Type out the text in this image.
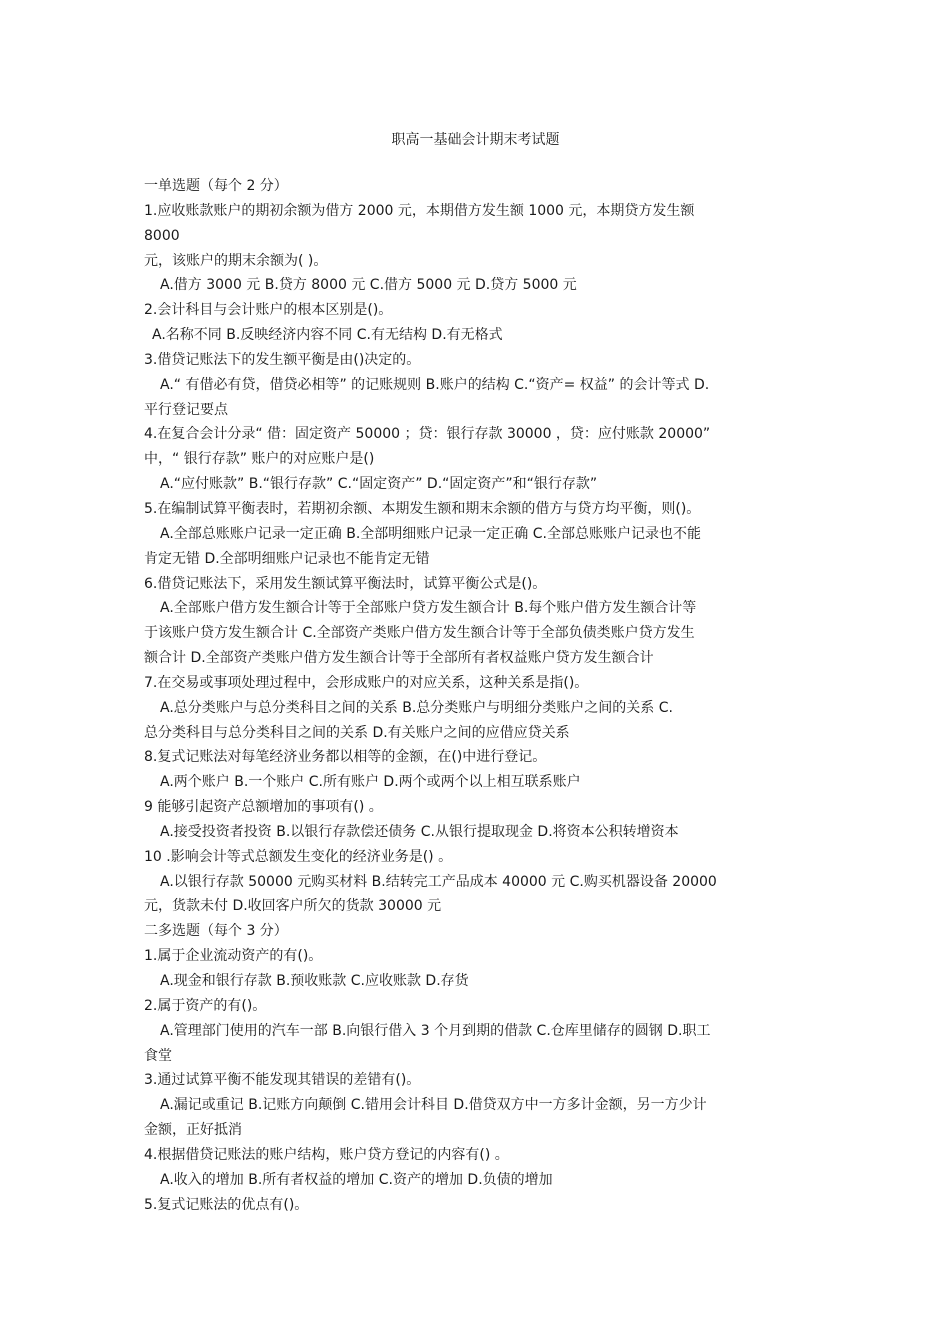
职高一基础会计期末考试题
一单选题（每个 2 分）
1.应收账款账户的期初余额为借方 2000 元，本期借方发生额 1000 元，本期贷方发生额
8000
元，该账户的期末余额为( )。
A.借方 3000 元 B.贷方 8000 元 C.借方 5000 元 D.贷方 5000 元
2.会计科目与会计账户的根本区别是()。
A.名称不同 B.反映经济内容不同 C.有无结构 D.有无格式
3.借贷记账法下的发生额平衡是由()决定的。
A.“ 有借必有贷，借贷必相等” 的记账规则 B.账户的结构 C.“资产= 权益” 的会计等式 D.
平行登记要点
4.在复合会计分录“ 借：固定资产 50000 ；贷：银行存款 30000 ，贷：应付账款 20000”
中，“ 银行存款” 账户的对应账户是()
A.“应付账款” B.“银行存款” C.“固定资产” D.“固定资产”和“银行存款”
5.在编制试算平衡表时，若期初余额、本期发生额和期末余额的借方与贷方均平衡，则()。
A.全部总账账户记录一定正确 B.全部明细账户记录一定正确 C.全部总账账户记录也不能
肯定无错 D.全部明细账户记录也不能肯定无错
6.借贷记账法下，采用发生额试算平衡法时，试算平衡公式是()。
A.全部账户借方发生额合计等于全部账户贷方发生额合计 B.每个账户借方发生额合计等
于该账户贷方发生额合计 C.全部资产类账户借方发生额合计等于全部负债类账户贷方发生
额合计 D.全部资产类账户借方发生额合计等于全部所有者权益账户贷方发生额合计
7.在交易或事项处理过程中，会形成账户的对应关系，这种关系是指()。
A.总分类账户与总分类科目之间的关系 B.总分类账户与明细分类账户之间的关系 C.
总分类科目与总分类科目之间的关系 D.有关账户之间的应借应贷关系
8.复式记账法对每笔经济业务都以相等的金额，在()中进行登记。
A.两个账户 B.一个账户 C.所有账户 D.两个或两个以上相互联系账户
9 能够引起资产总额增加的事项有() 。
A.接受投资者投资 B.以银行存款偿还债务 C.从银行提取现金 D.将资本公积转增资本
10 .影响会计等式总额发生变化的经济业务是() 。
A.以银行存款 50000 元购买材料 B.结转完工产品成本 40000 元 C.购买机器设备 20000
元，货款未付 D.收回客户所欠的货款 30000 元
二多选题（每个 3 分）
1.属于企业流动资产的有()。
A.现金和银行存款 B.预收账款 C.应收账款 D.存货
2.属于资产的有()。
A.管理部门使用的汽车一部 B.向银行借入 3 个月到期的借款 C.仓库里储存的圆钢 D.职工
食堂
3.通过试算平衡不能发现其错误的差错有()。
A.漏记或重记 B.记账方向颠倒 C.错用会计科目 D.借贷双方中一方多计金额，另一方少计
金额，正好抵消
4.根据借贷记账法的账户结构，账户贷方登记的内容有() 。
A.收入的增加 B.所有者权益的增加 C.资产的增加 D.负债的增加
5.复式记账法的优点有()。
